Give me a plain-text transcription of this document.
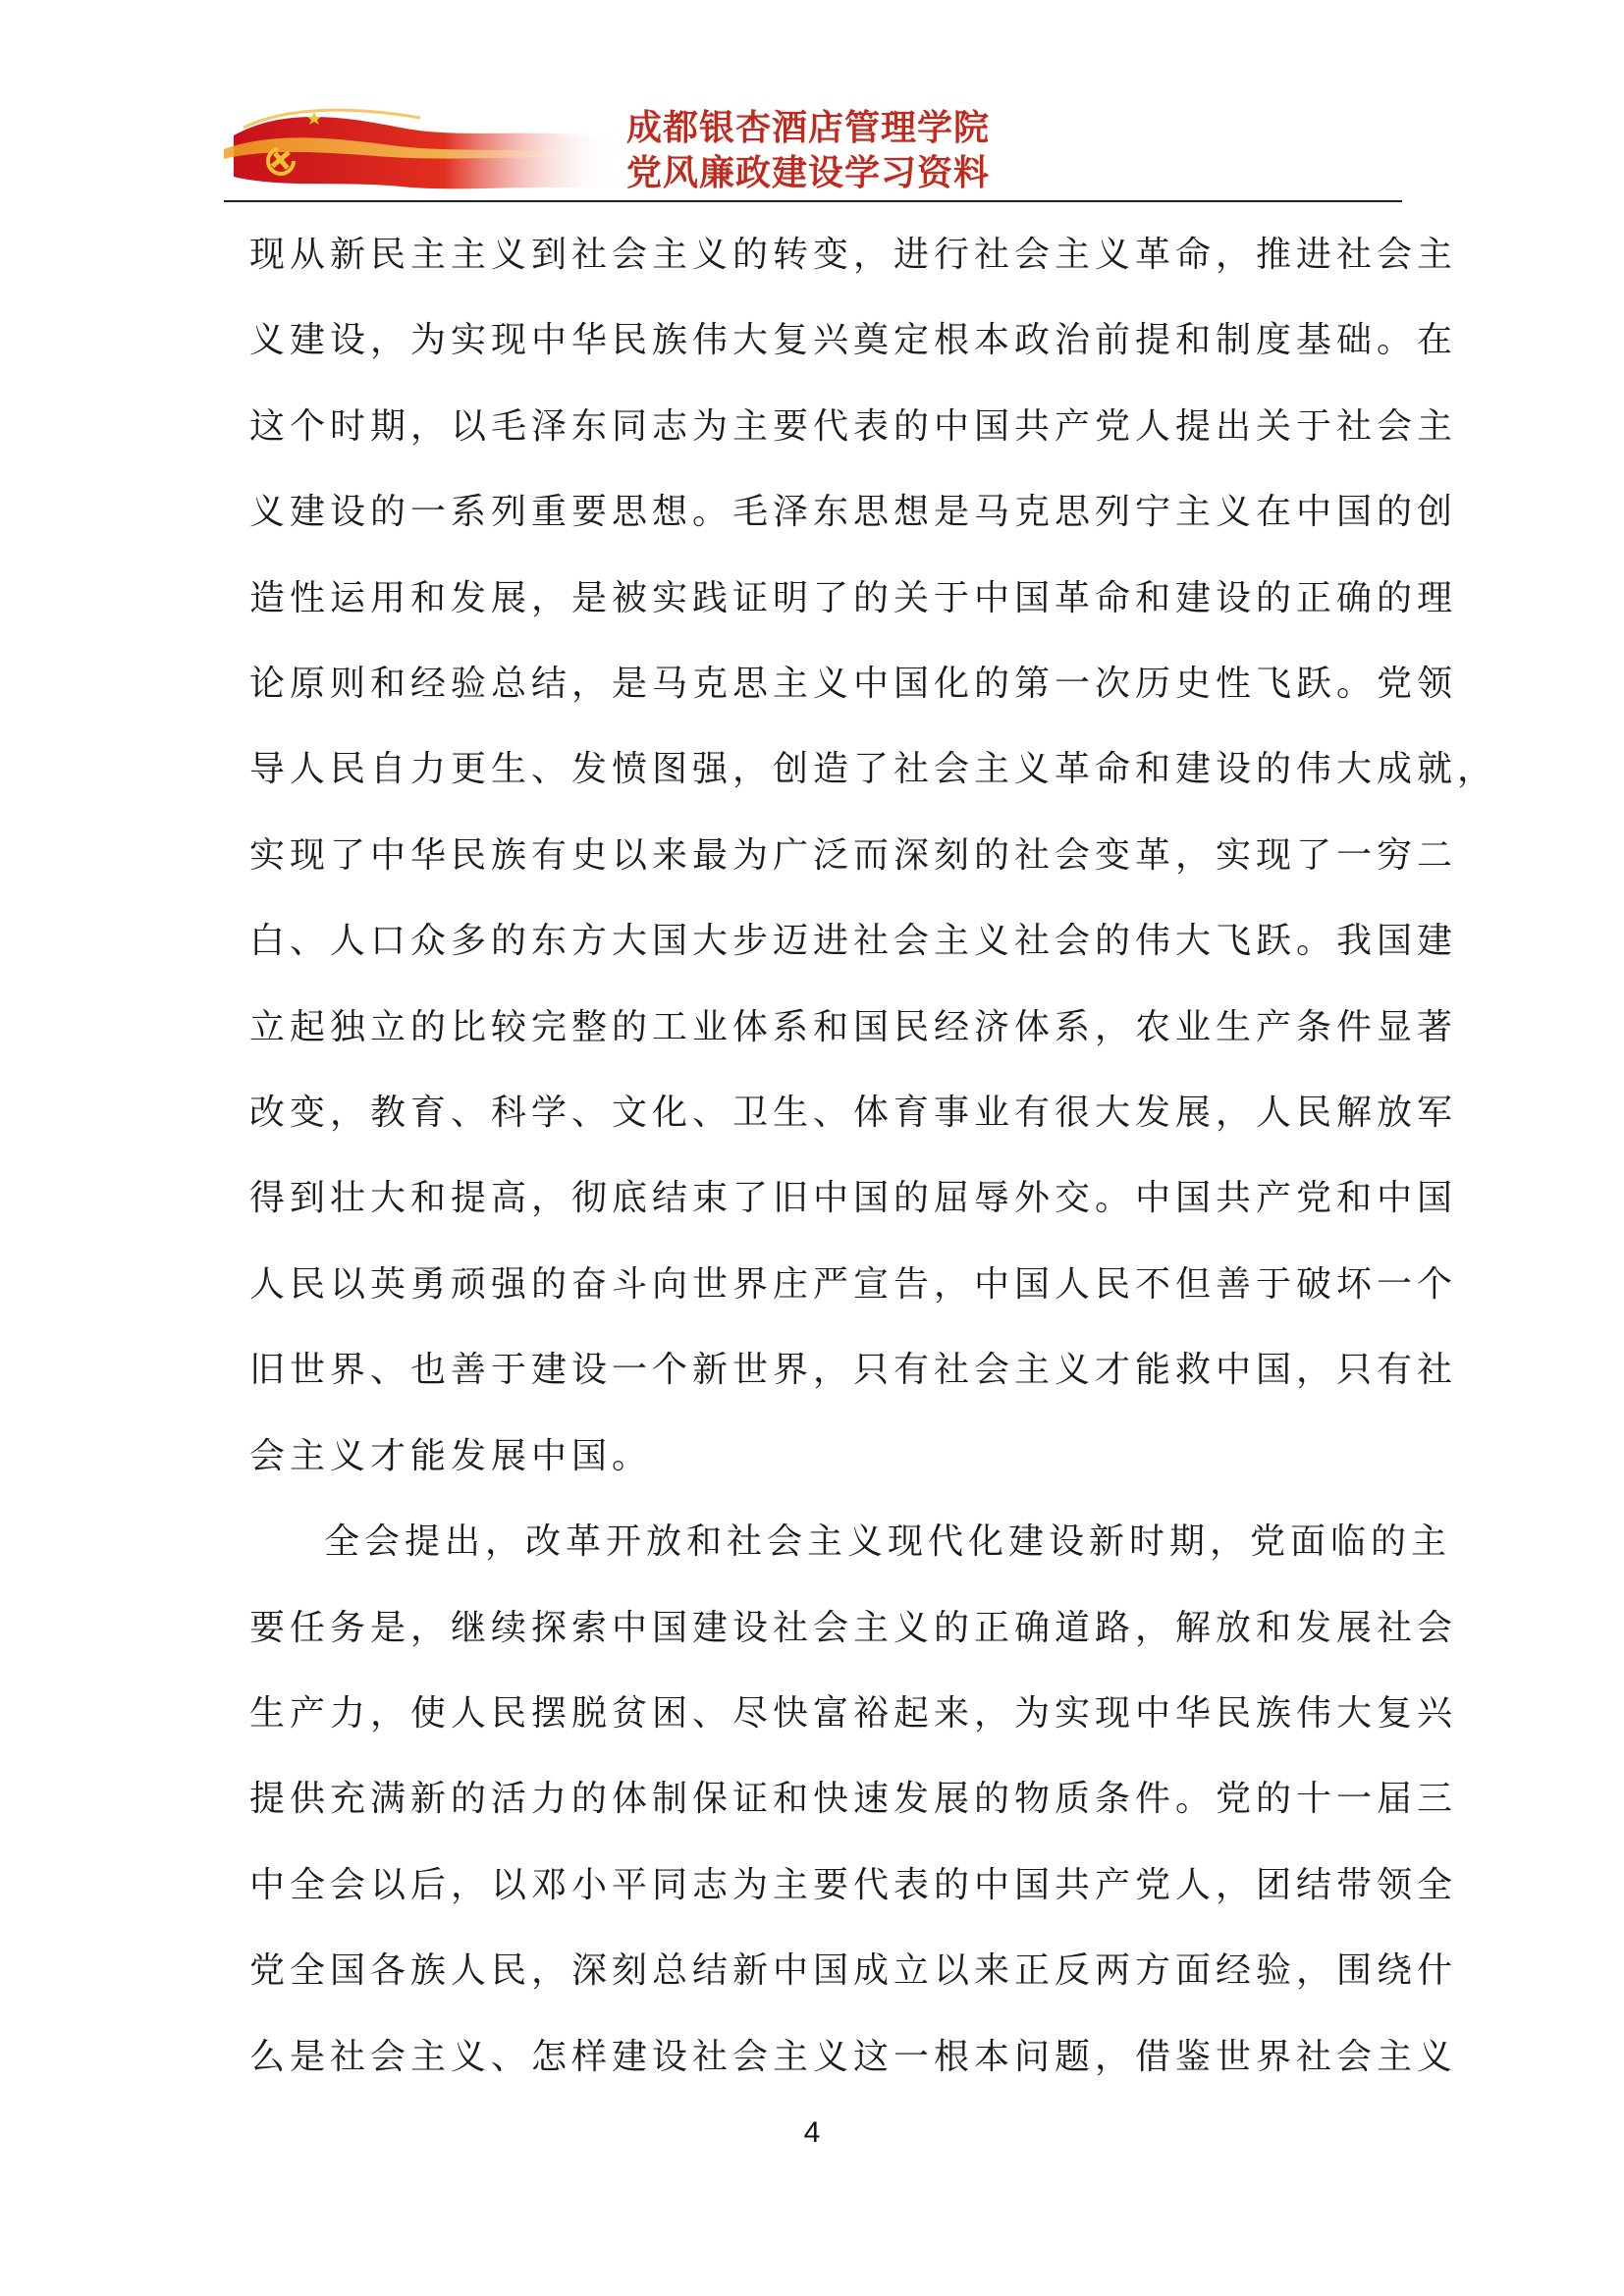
成都银杏酒店管理学院
党风廉政建设学习资料

现从新民主主义到社会主义的转变，进行社会主义革命，推进社会主
义建设，为实现中华民族伟大复兴奠定根本政治前提和制度基础。在
这个时期，以毛泽东同志为主要代表的中国共产党人提出关于社会主
义建设的一系列重要思想。毛泽东思想是马克思列宁主义在中国的创
造性运用和发展，是被实践证明了的关于中国革命和建设的正确的理
论原则和经验总结，是马克思主义中国化的第一次历史性飞跃。党领
导人民自力更生、发愤图强，创造了社会主义革命和建设的伟大成就，
实现了中华民族有史以来最为广泛而深刻的社会变革，实现了一穷二
白、人口众多的东方大国大步迈进社会主义社会的伟大飞跃。我国建
立起独立的比较完整的工业体系和国民经济体系，农业生产条件显著
改变，教育、科学、文化、卫生、体育事业有很大发展，人民解放军
得到壮大和提高，彻底结束了旧中国的屈辱外交。中国共产党和中国
人民以英勇顽强的奋斗向世界庄严宣告，中国人民不但善于破坏一个
旧世界、也善于建设一个新世界，只有社会主义才能救中国，只有社
会主义才能发展中国。

全会提出，改革开放和社会主义现代化建设新时期，党面临的主
要任务是，继续探索中国建设社会主义的正确道路，解放和发展社会
生产力，使人民摆脱贫困、尽快富裕起来，为实现中华民族伟大复兴
提供充满新的活力的体制保证和快速发展的物质条件。党的十一届三
中全会以后，以邓小平同志为主要代表的中国共产党人，团结带领全
党全国各族人民，深刻总结新中国成立以来正反两方面经验，围绕什
么是社会主义、怎样建设社会主义这一根本问题，借鉴世界社会主义

4
